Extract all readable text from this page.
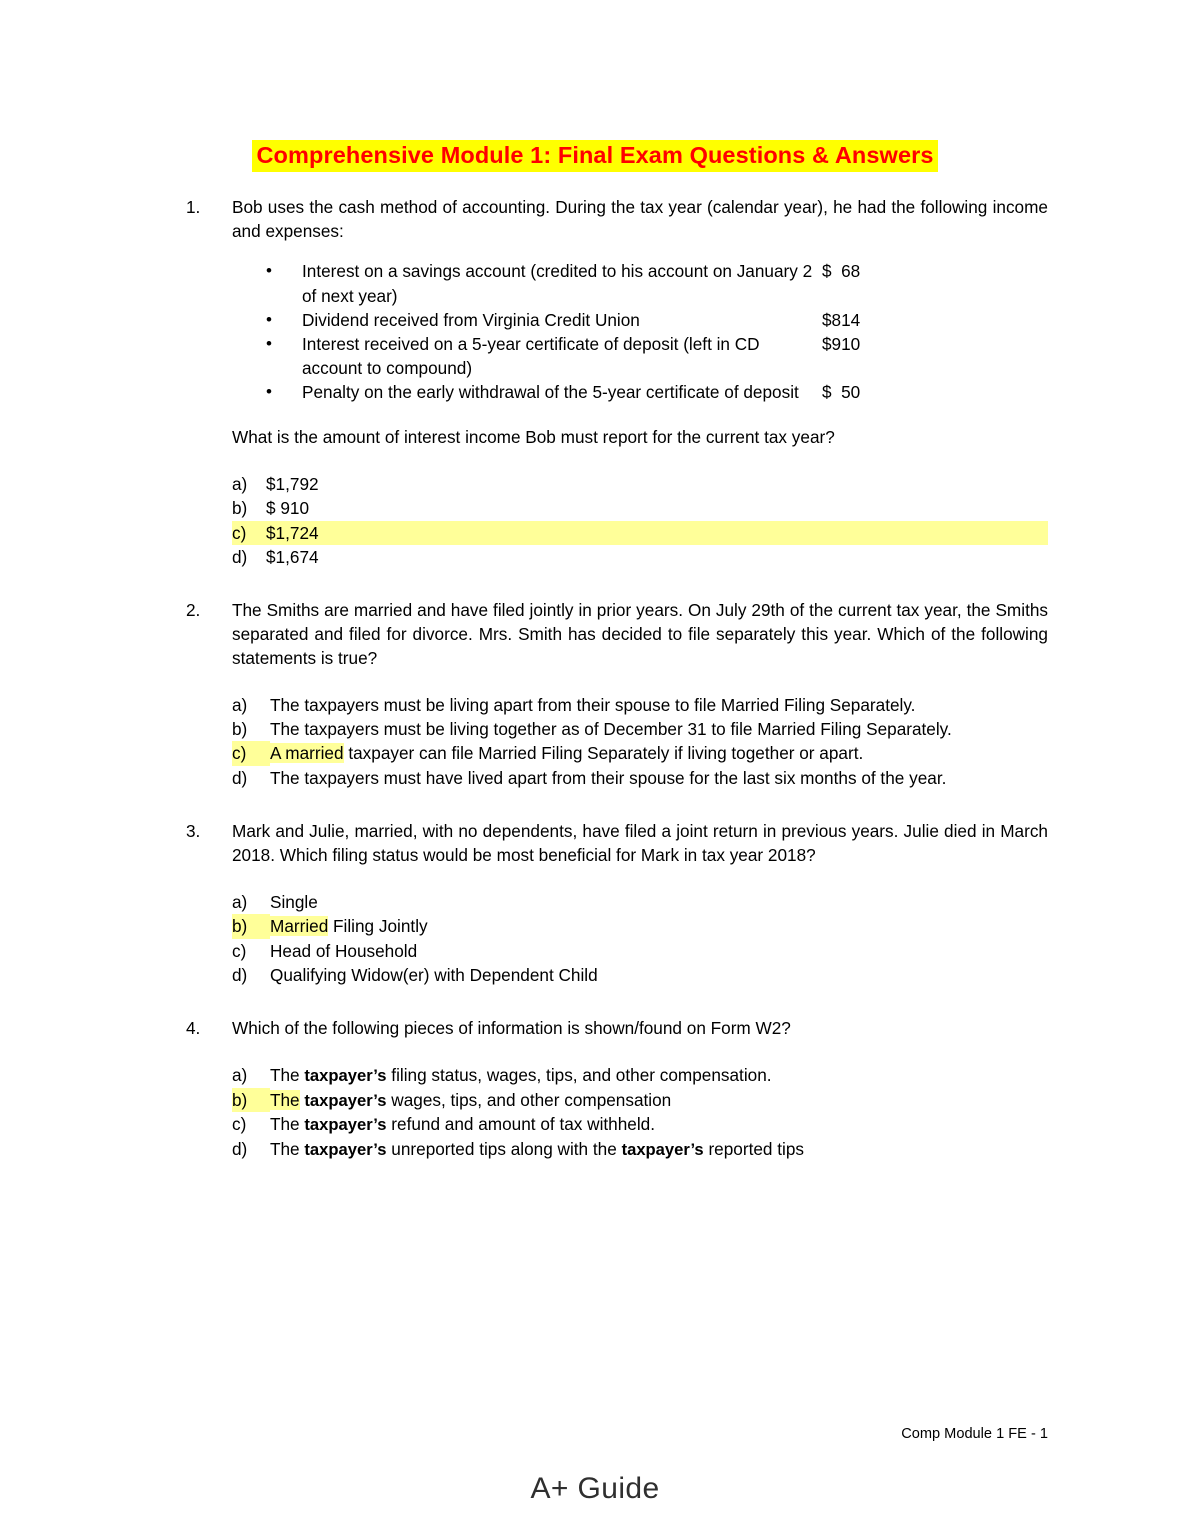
Comprehensive Module 1: Final Exam Questions & Answers
1.	Bob uses the cash method of accounting. During the tax year (calendar year), he had the following income and expenses:
•	Interest on a savings account (credited to his account on January 2 of next year)
$  68
•	Dividend received from Virginia Credit Union	$814
•	Interest received on a 5-year certificate of deposit (left in CD account to compound)
$910
•	Penalty on the early withdrawal of the 5-year certificate of deposit	$  50
What is the amount of interest income Bob must report for the current tax year?
a)	$1,792
b)	$ 910
c)	$1,724
d)	$1,674
2.	The Smiths are married and have filed jointly in prior years. On July 29th of the current tax year, the Smiths separated and filed for divorce. Mrs. Smith has decided to file separately this year. Which of the following statements is true?
a)	The taxpayers must be living apart from their spouse to file Married Filing Separately.
b)	The taxpayers must be living together as of December 31 to file Married Filing Separately.
c)	A married taxpayer can file Married Filing Separately if living together or apart.
d)	The taxpayers must have lived apart from their spouse for the last six months of the year.
3.	Mark and Julie, married, with no dependents, have filed a joint return in previous years. Julie died in March 2018. Which filing status would be most beneficial for Mark in tax year 2018?
a)	Single
b)	Married Filing Jointly
c)	Head of Household
d)	Qualifying Widow(er) with Dependent Child
4.	Which of the following pieces of information is shown/found on Form W2?
a)	The taxpayer’s filing status, wages, tips, and other compensation.
b)	The taxpayer’s wages, tips, and other compensation
c)	The taxpayer’s refund and amount of tax withheld.
d)	The taxpayer’s unreported tips along with the taxpayer’s reported tips
Comp Module 1 FE - 1
A+ Guide
